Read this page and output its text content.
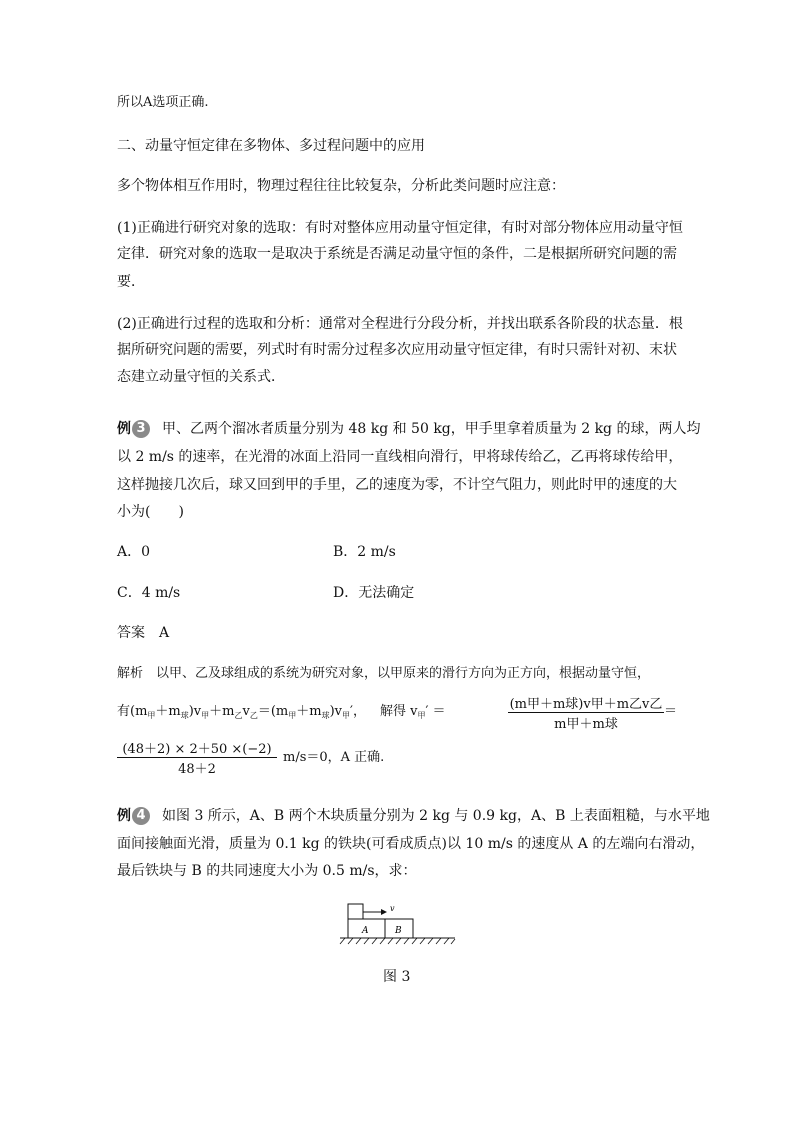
所以A选项正确.
二、动量守恒定律在多物体、多过程问题中的应用
多个物体相互作用时，物理过程往往比较复杂，分析此类问题时应注意：
(1)正确进行研究对象的选取：有时对整体应用动量守恒定律，有时对部分物体应用动量守恒
定律．研究对象的选取一是取决于系统是否满足动量守恒的条件，二是根据所研究问题的需
要．
(2)正确进行过程的选取和分析：通常对全程进行分段分析，并找出联系各阶段的状态量．根
据所研究问题的需要，列式时有时需分过程多次应用动量守恒定律，有时只需针对初、末状
态建立动量守恒的关系式．
例 3 甲、乙两个溜冰者质量分别为 48 kg 和 50 kg，甲手里拿着质量为 2 kg 的球，两人均
以 2 m/s 的速率，在光滑的冰面上沿同一直线相向滑行，甲将球传给乙，乙再将球传给甲，
这样抛接几次后，球又回到甲的手里，乙的速度为零，不计空气阻力，则此时甲的速度的大
小为(　　)
A．0	B．2 m/s
C．4 m/s	D．无法确定
答案　A
解析　以甲、乙及球组成的系统为研究对象，以甲原来的滑行方向为正方向，根据动量守恒，
有$(m_甲+m_球)v_甲+m_乙v_乙=(m_甲+m_球)v_甲'$， 解得 $v_甲'$ ＝	(m甲＋m球)v甲＋m乙v乙
m甲＋m球
＝
$\frac{(48+2) \times 2+50 \times(-2)}{48+2} m/s=0$，A 正确.
例 4 如图 3 所示，A、B 两个木块质量分别为 2 kg 与 0.9 kg，A、B 上表面粗糙，与水平地
面间接触面光滑，质量为 0.1 kg 的铁块(可看成质点)以 10 m/s 的速度从 A 的左端向右滑动，
最后铁块与 B 的共同速度大小为 0.5 m/s，求：
v
A	B
图 3
